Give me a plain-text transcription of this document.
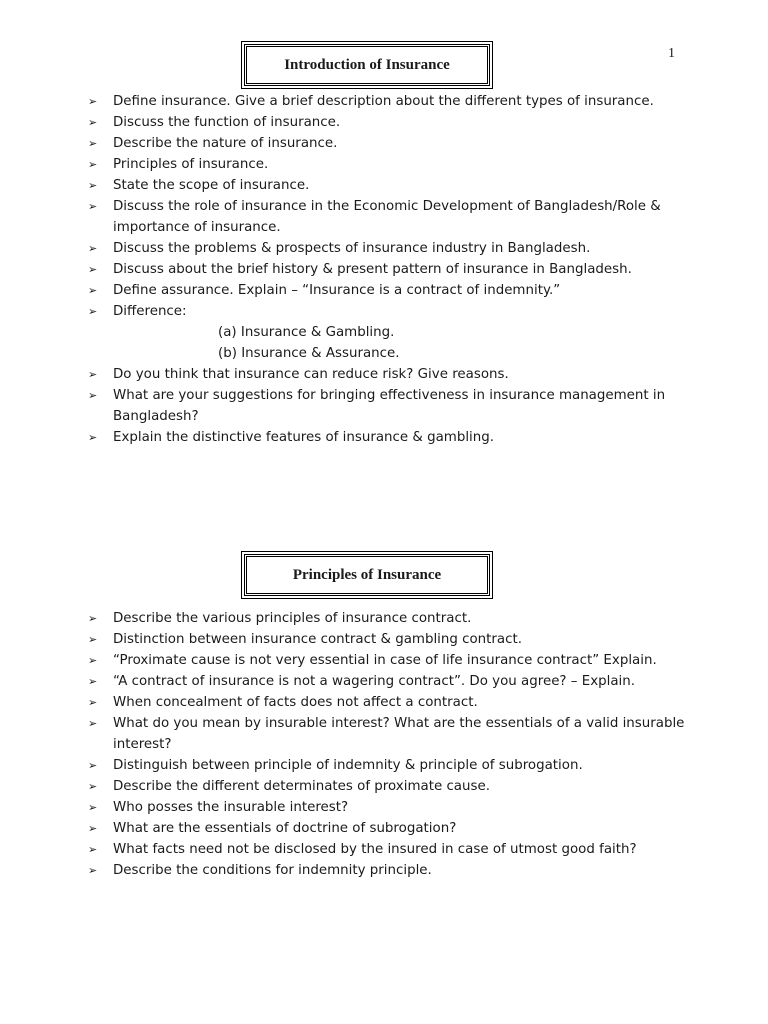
1
Introduction of Insurance
➢ Define insurance. Give a brief description about the different types of insurance.
➢ Discuss the function of insurance.
➢ Describe the nature of insurance.
➢ Principles of insurance.
➢ State the scope of insurance.
➢ Discuss the role of insurance in the Economic Development of Bangladesh/Role & importance of insurance.
➢ Discuss the problems & prospects of insurance industry in Bangladesh.
➢ Discuss about the brief history & present pattern of insurance in Bangladesh.
➢ Define assurance. Explain – “Insurance is a contract of indemnity.”
➢ Difference:
(a) Insurance & Gambling.
(b) Insurance & Assurance.
➢ Do you think that insurance can reduce risk? Give reasons.
➢ What are your suggestions for bringing effectiveness in insurance management in Bangladesh?
➢ Explain the distinctive features of insurance & gambling.
Principles of Insurance
➢ Describe the various principles of insurance contract.
➢ Distinction between insurance contract & gambling contract.
➢ “Proximate cause is not very essential in case of life insurance contract” Explain.
➢ “A contract of insurance is not a wagering contract”. Do you agree? – Explain.
➢ When concealment of facts does not affect a contract.
➢ What do you mean by insurable interest? What are the essentials of a valid insurable interest?
➢ Distinguish between principle of indemnity & principle of subrogation.
➢ Describe the different determinates of proximate cause.
➢ Who posses the insurable interest?
➢ What are the essentials of doctrine of subrogation?
➢ What facts need not be disclosed by the insured in case of utmost good faith?
➢ Describe the conditions for indemnity principle.
